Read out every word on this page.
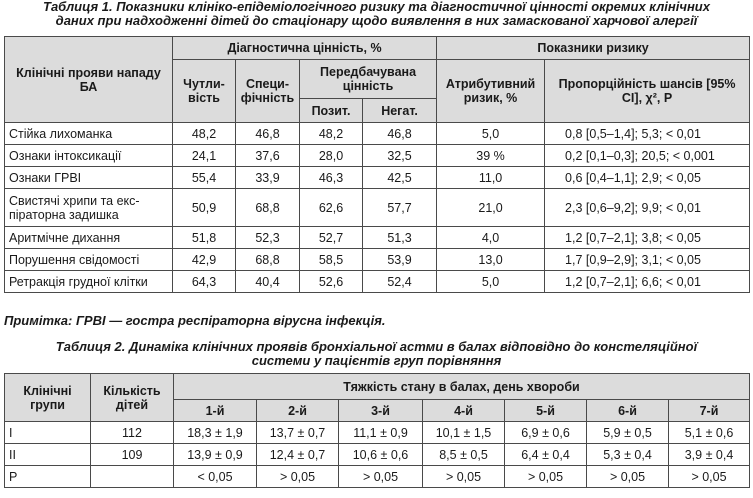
Таблиця 1. Показники клініко-епідеміологічного ризику та діагностичної цінності окремих клінічних
даних при надходженні дітей до стаціонару щодо виявлення в них замаскованої харчової алергії
Клінічні прояви нападу БА	Діагностична цінність, %				Показники ризику	
	Чутли-вість	Специ-фічність	Передбачувана цінність		Атрибутивний ризик, %	Пропорційність шансів [95% CI], χ², P
			Позит.	Негат.		
Стійка лихоманка	48,2	46,8	48,2	46,8	5,0	0,8 [0,5–1,4]; 5,3; < 0,01
Ознаки інтоксикації	24,1	37,6	28,0	32,5	39 %	0,2 [0,1–0,3]; 20,5; < 0,001
Ознаки ГРВІ	55,4	33,9	46,3	42,5	11,0	0,6 [0,4–1,1]; 2,9; < 0,05
Свистячі хрипи та екс-піраторна задишка	50,9	68,8	62,6	57,7	21,0	2,3 [0,6–9,2]; 9,9; < 0,01
Аритмічне дихання	51,8	52,3	52,7	51,3	4,0	1,2 [0,7–2,1]; 3,8; < 0,05
Порушення свідомості	42,9	68,8	58,5	53,9	13,0	1,7 [0,9–2,9]; 3,1; < 0,05
Ретракція грудної клітки	64,3	40,4	52,6	52,4	5,0	1,2 [0,7–2,1]; 6,6; < 0,01
Примітка: ГРВІ — гостра респіраторна вірусна інфекція.
Таблиця 2. Динаміка клінічних проявів бронхіальної астми в балах відповідно до констеляційної
системи у пацієнтів груп порівняння
Клінічні групи	Кількість дітей	Тяжкість стану в балах, день хвороби						
		1-й	2-й	3-й	4-й	5-й	6-й	7-й
I	112	18,3 ± 1,9	13,7 ± 0,7	11,1 ± 0,9	10,1 ± 1,5	6,9 ± 0,6	5,9 ± 0,5	5,1 ± 0,6
II	109	13,9 ± 0,9	12,4 ± 0,7	10,6 ± 0,6	8,5 ± 0,5	6,4 ± 0,4	5,3 ± 0,4	3,9 ± 0,4
P		< 0,05	> 0,05	> 0,05	> 0,05	> 0,05	> 0,05	> 0,05
